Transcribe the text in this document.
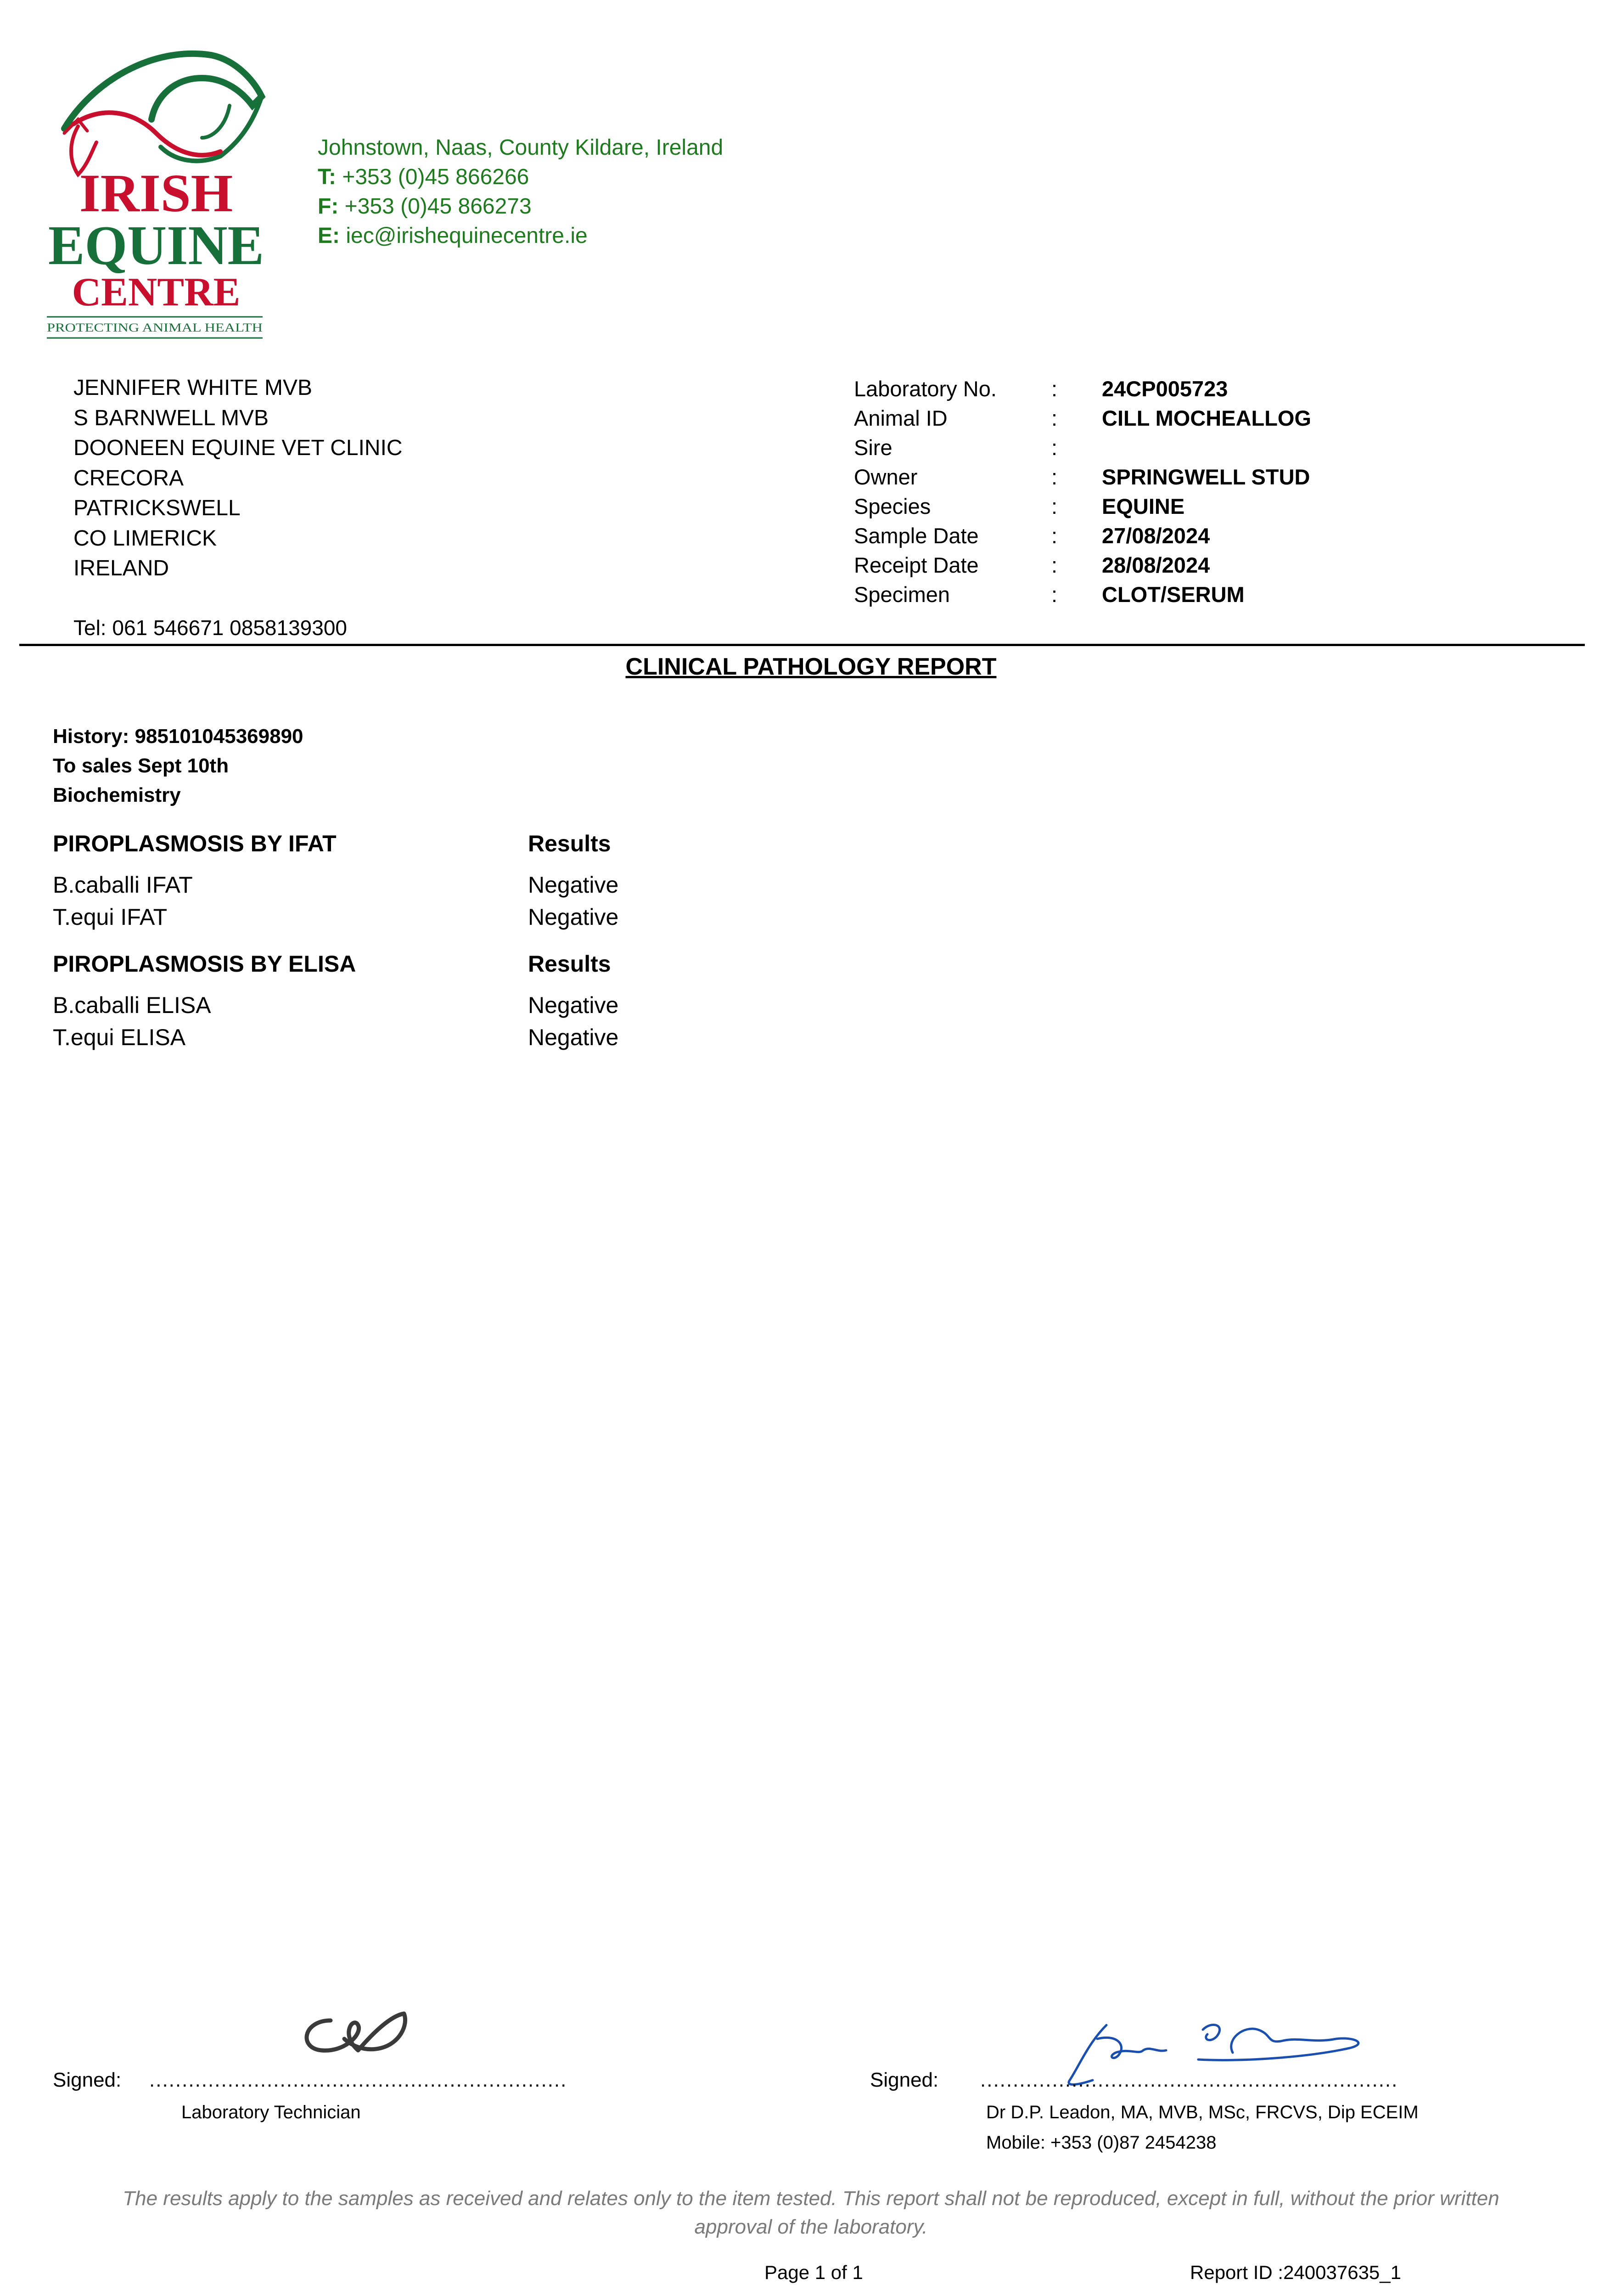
IRISH
EQUINE
CENTRE
PROTECTING ANIMAL HEALTH
Johnstown, Naas, County Kildare, Ireland
T: +353 (0)45 866266
F: +353 (0)45 866273
E: iec@irishequinecentre.ie
JENNIFER WHITE MVB
S BARNWELL MVB
DOONEEN EQUINE VET CLINIC
CRECORA
PATRICKSWELL
CO LIMERICK
IRELAND
Tel: 061 546671 0858139300
Laboratory No.	:	24CP005723
Animal ID	:	CILL MOCHEALLOG
Sire	:
Owner	:	SPRINGWELL STUD
Species	:	EQUINE
Sample Date	:	27/08/2024
Receipt Date	:	28/08/2024
Specimen	:	CLOT/SERUM
CLINICAL PATHOLOGY REPORT
History: 985101045369890
To sales Sept 10th
Biochemistry
PIROPLASMOSIS BY IFAT	Results
B.caballi IFAT	Negative
T.equi IFAT	Negative
PIROPLASMOSIS BY ELISA	Results
B.caballi ELISA	Negative
T.equi ELISA	Negative
Signed: ................................................................
Laboratory Technician
Signed: ................................................................
Dr D.P. Leadon, MA, MVB, MSc, FRCVS, Dip ECEIM
Mobile: +353 (0)87 2454238
The results apply to the samples as received and relates only to the item tested. This report shall not be reproduced, except in full, without the prior written approval of the laboratory.
Page 1 of 1	Report ID :240037635_1
